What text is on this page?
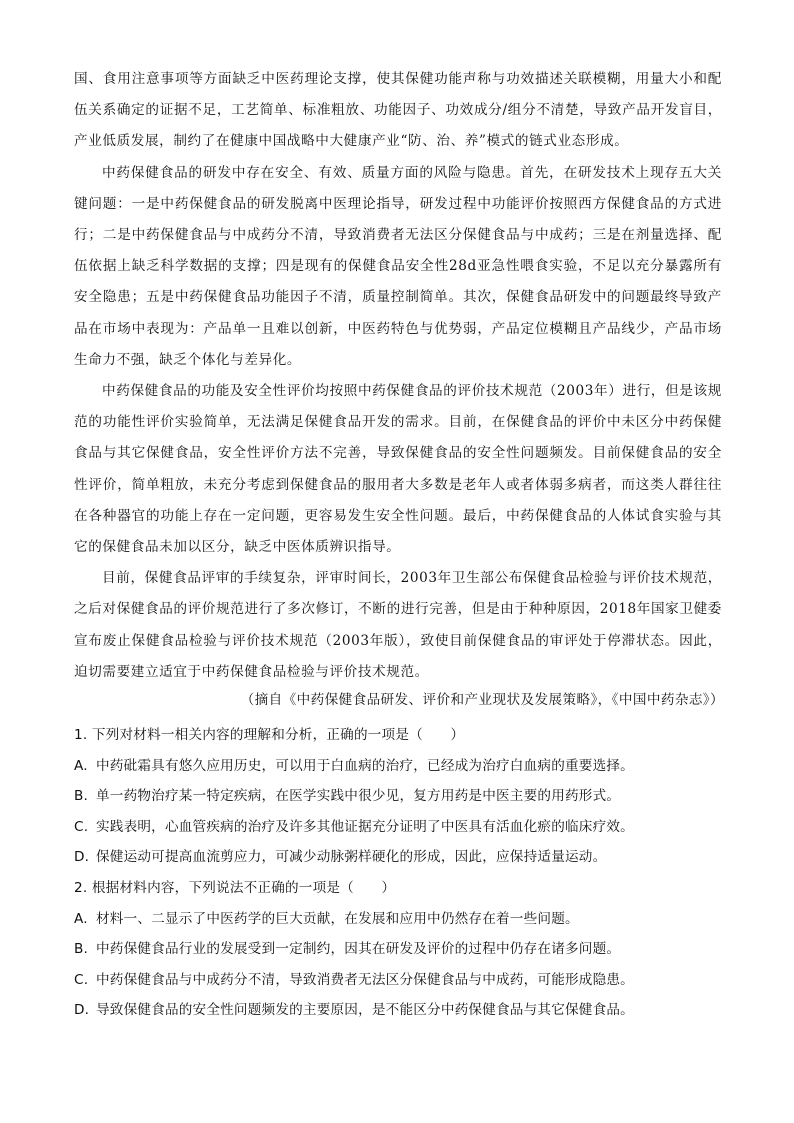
国、食用注意事项等方面缺乏中医药理论支撑，使其保健功能声称与功效描述关联模糊，用量大小和配伍关系确定的证据不足，工艺简单、标准粗放、功能因子、功效成分/组分不清楚，导致产品开发盲目，产业低质发展，制约了在健康中国战略中大健康产业“防、治、养”模式的链式业态形成。

中药保健食品的研发中存在安全、有效、质量方面的风险与隐患。首先，在研发技术上现存五大关键问题：一是中药保健食品的研发脱离中医理论指导，研发过程中功能评价按照西方保健食品的方式进行；二是中药保健食品与中成药分不清，导致消费者无法区分保健食品与中成药；三是在剂量选择、配伍依据上缺乏科学数据的支撑；四是现有的保健食品安全性28d亚急性喂食实验，不足以充分暴露所有安全隐患；五是中药保健食品功能因子不清，质量控制简单。其次，保健食品研发中的问题最终导致产品在市场中表现为：产品单一且难以创新，中医药特色与优势弱，产品定位模糊且产品线少，产品市场生命力不强，缺乏个体化与差异化。

中药保健食品的功能及安全性评价均按照中药保健食品的评价技术规范（2003年）进行，但是该规范的功能性评价实验简单，无法满足保健食品开发的需求。目前，在保健食品的评价中未区分中药保健食品与其它保健食品，安全性评价方法不完善，导致保健食品的安全性问题频发。目前保健食品的安全性评价，简单粗放，未充分考虑到保健食品的服用者大多数是老年人或者体弱多病者，而这类人群往往在各种器官的功能上存在一定问题，更容易发生安全性问题。最后，中药保健食品的人体试食实验与其它的保健食品未加以区分，缺乏中医体质辨识指导。

目前，保健食品评审的手续复杂，评审时间长，2003年卫生部公布保健食品检验与评价技术规范，之后对保健食品的评价规范进行了多次修订，不断的进行完善，但是由于种种原因，2018年国家卫健委宣布废止保健食品检验与评价技术规范（2003年版），致使目前保健食品的审评处于停滞状态。因此，迫切需要建立适宜于中药保健食品检验与评价技术规范。

（摘自《中药保健食品研发、评价和产业现状及发展策略》，《中国中药杂志》）
1. 下列对材料一相关内容的理解和分析，正确的一项是（　　）
A. 中药砒霜具有悠久应用历史，可以用于白血病的治疗，已经成为治疗白血病的重要选择。
B. 单一药物治疗某一特定疾病，在医学实践中很少见，复方用药是中医主要的用药形式。
C. 实践表明，心血管疾病的治疗及许多其他证据充分证明了中医具有活血化瘀的临床疗效。
D. 保健运动可提高血流剪应力，可减少动脉粥样硬化的形成，因此，应保持适量运动。
2. 根据材料内容，下列说法不正确的一项是（　　）
A. 材料一、二显示了中医药学的巨大贡献，在发展和应用中仍然存在着一些问题。
B. 中药保健食品行业的发展受到一定制约，因其在研发及评价的过程中仍存在诸多问题。
C. 中药保健食品与中成药分不清，导致消费者无法区分保健食品与中成药，可能形成隐患。
D. 导致保健食品的安全性问题频发的主要原因，是不能区分中药保健食品与其它保健食品。
